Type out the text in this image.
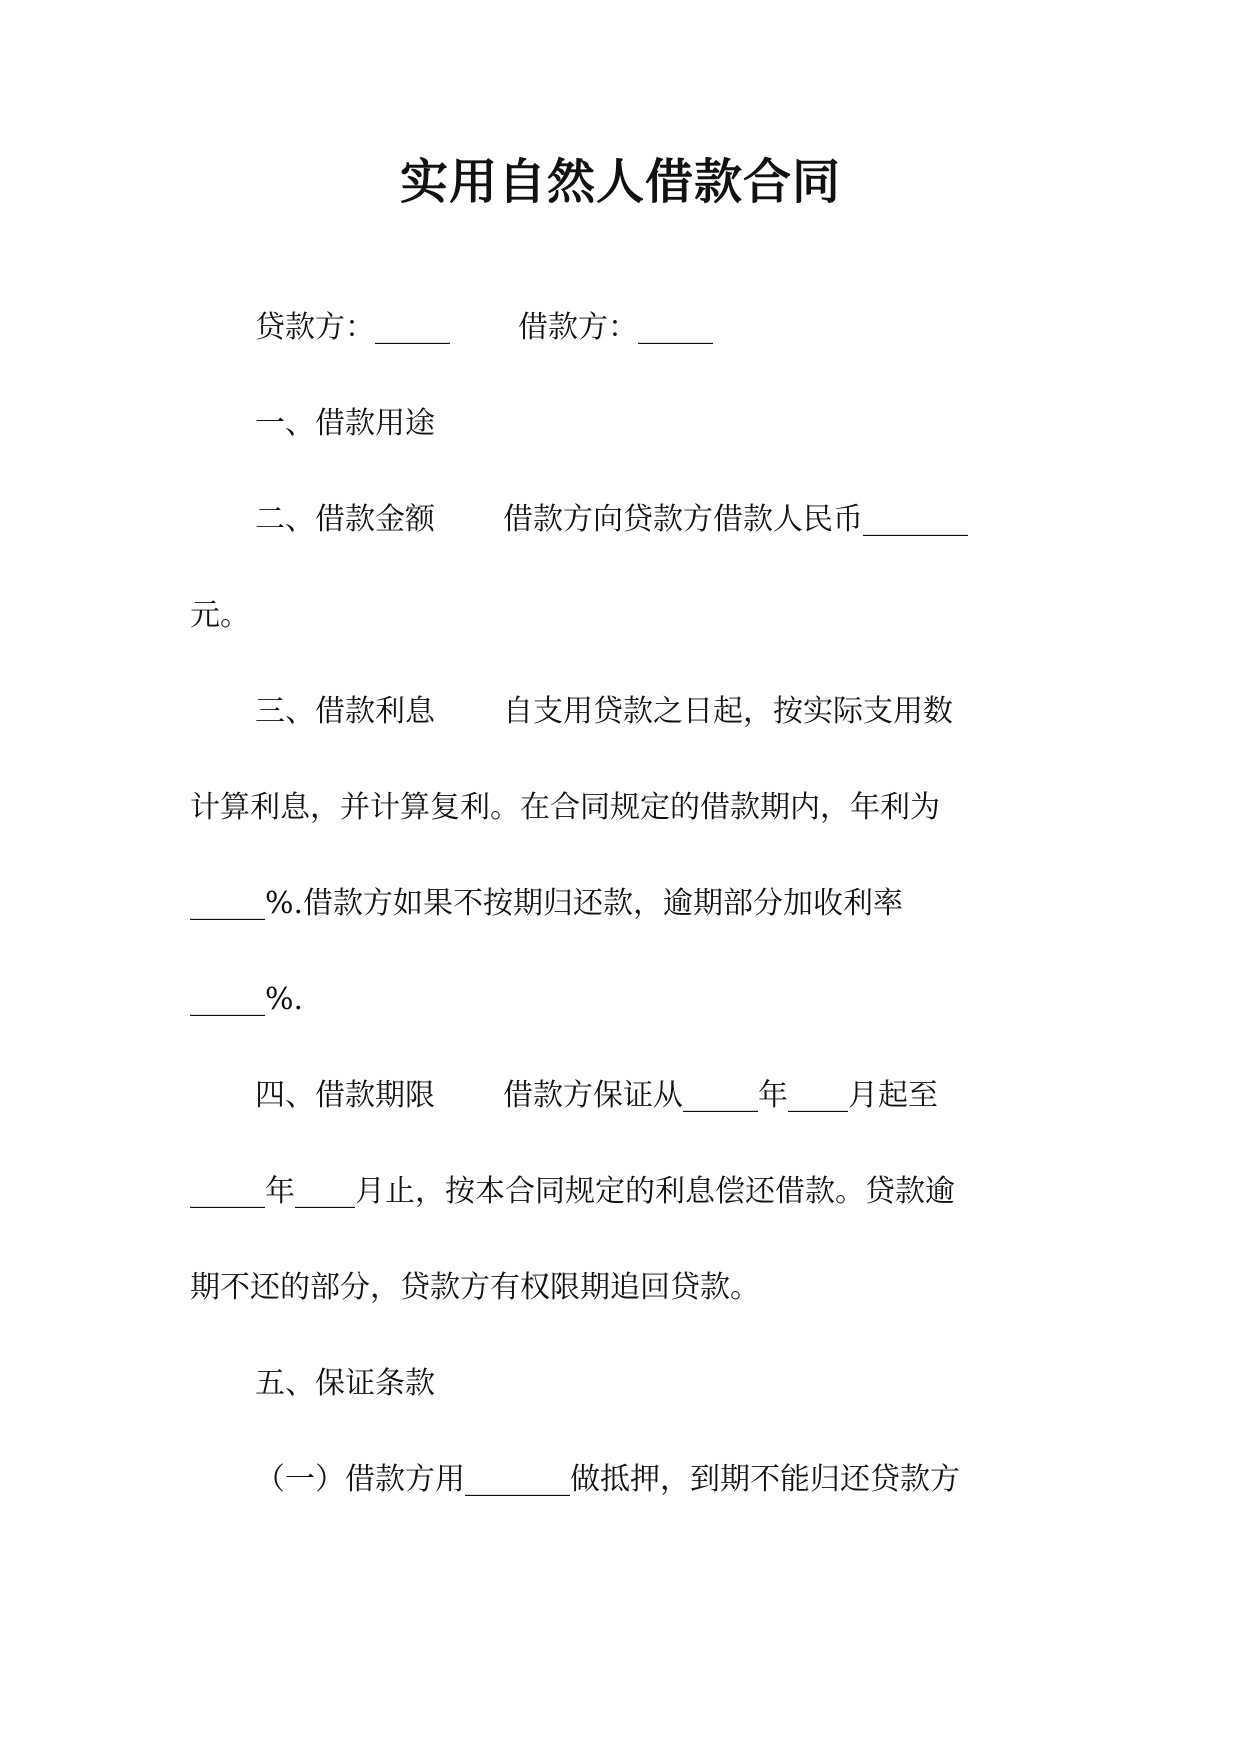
实用自然人借款合同
贷款方：_____ 借款方：_____
一、借款用途
二、借款金额 借款方向贷款方借款人民币_______
元。
三、借款利息 自支用贷款之日起，按实际支用数
计算利息，并计算复利。在合同规定的借款期内，年利为
_____%.借款方如果不按期归还款，逾期部分加收利率
_____%.
四、借款期限 借款方保证从_____年____月起至
_____年____月止，按本合同规定的利息偿还借款。贷款逾
期不还的部分，贷款方有权限期追回贷款。
五、保证条款
（一）借款方用_______做抵押，到期不能归还贷款方
